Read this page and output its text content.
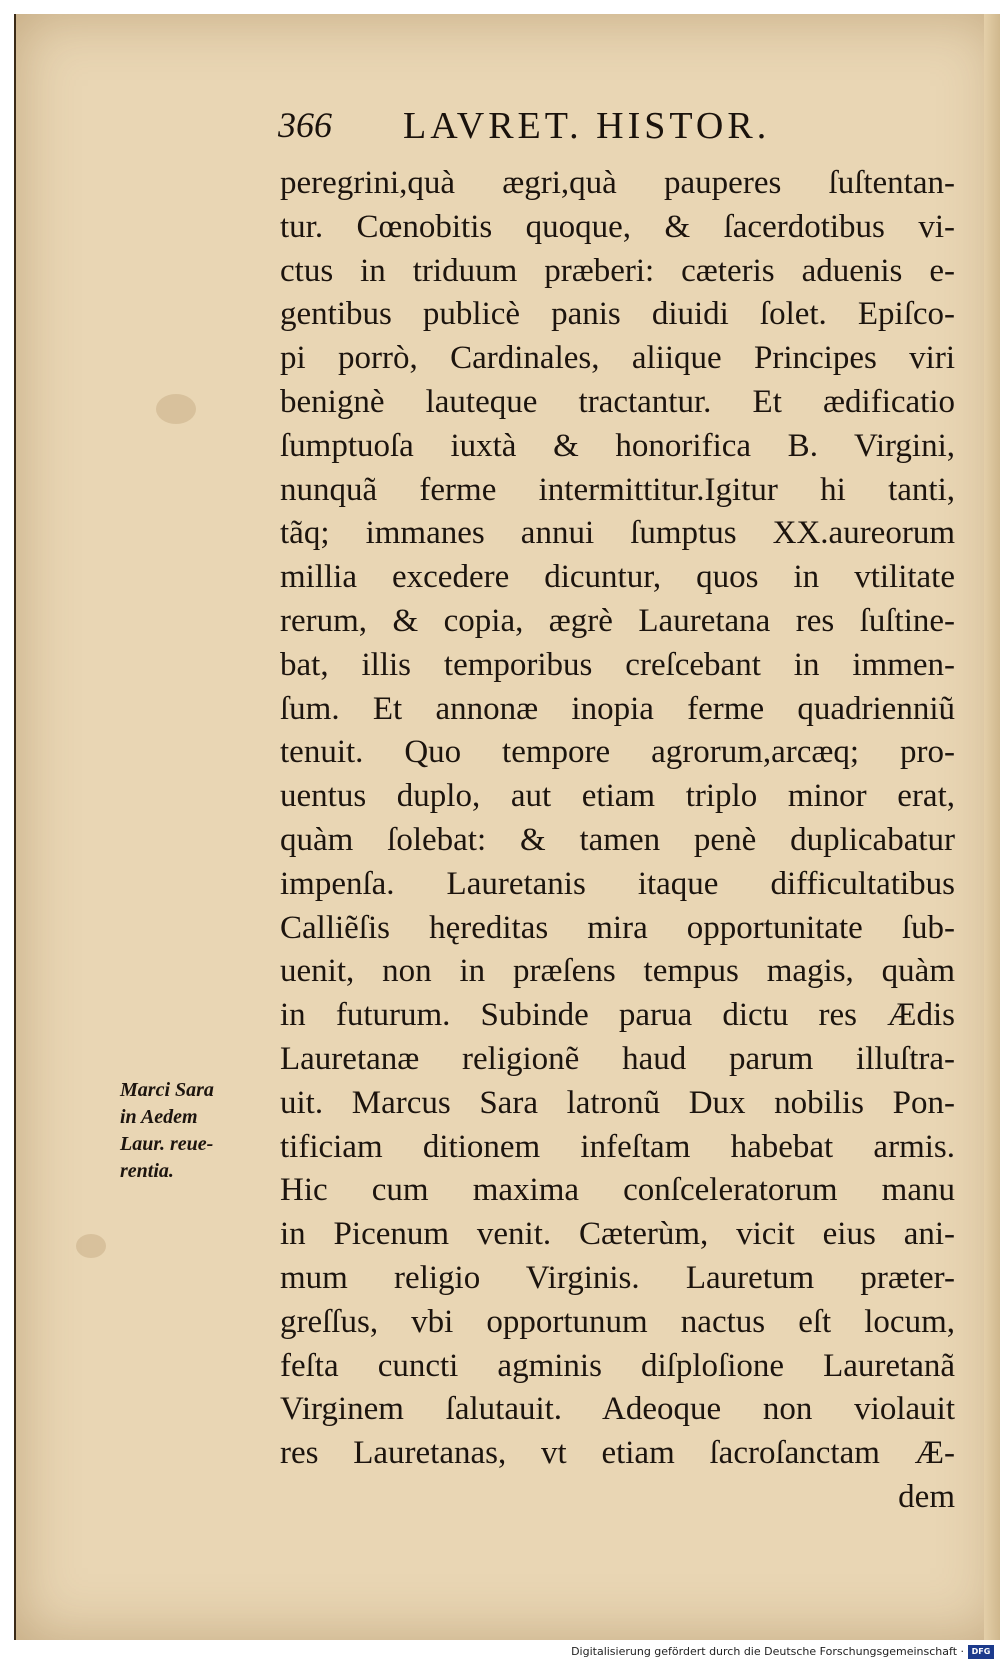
366 LAVRET. HISTOR.
peregrini,quà ægri,quà pauperes ſuſtentan-
tur. Cœnobitis quoque, & ſacerdotibus vi-
ctus in triduum præberi: cæteris aduenis e-
gentibus publicè panis diuidi ſolet. Epiſco-
pi porrò, Cardinales, aliique Principes viri
benignè lauteque tractantur. Et ædificatio
ſumptuoſa iuxtà & honorifica B. Virgini,
nunquã ferme intermittitur.Igitur hi tanti,
tãq; immanes annui ſumptus XX.aureorum
millia excedere dicuntur, quos in vtilitate
rerum, & copia, ægrè Lauretana res ſuſtine-
bat, illis temporibus creſcebant in immen-
ſum. Et annonæ inopia ferme quadrienniũ
tenuit. Quo tempore agrorum,arcæq; pro-
uentus duplo, aut etiam triplo minor erat,
quàm ſolebat: & tamen penè duplicabatur
impenſa. Lauretanis itaque difficultatibus
Calliẽſis hęreditas mira opportunitate ſub-
uenit, non in præſens tempus magis, quàm
in futurum. Subinde parua dictu res Ædis
Lauretanæ religionẽ haud parum illuſtra-
uit. Marcus Sara latronũ Dux nobilis Pon-
tificiam ditionem infeſtam habebat armis.
Hic cum maxima conſceleratorum manu
in Picenum venit. Cæterùm, vicit eius ani-
mum religio Virginis. Lauretum præter-
greſſus, vbi opportunum nactus eſt locum,
feſta cuncti agminis diſploſione Lauretanã
Virginem ſalutauit. Adeoque non violauit
res Lauretanas, vt etiam ſacroſanctam Æ-
dem
Marci Sara
in Aedem
Laur. reue-
rentia.
Digitalisierung gefördert durch die Deutsche Forschungsgemeinschaft · DFG
